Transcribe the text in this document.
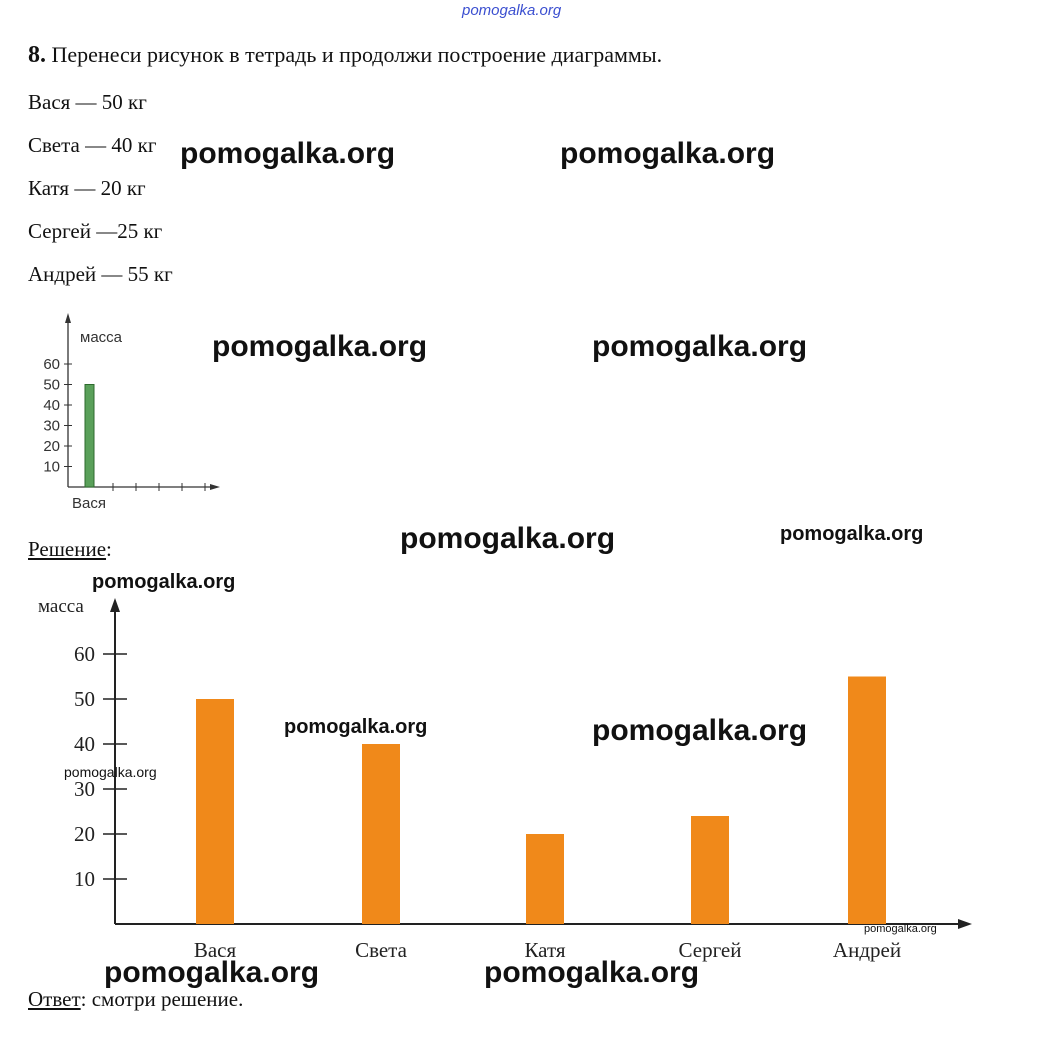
pomogalka.org
8. Перенеси рисунок в тетрадь и продолжи построение диаграммы.
Вася — 50 кг
Света — 40 кг
Катя — 20 кг
Сергей —25 кг
Андрей — 55 кг
масса
10
20
30
40
50
60
Вася
Решение:
масса
10
20
30
40
50
60
Вася	Света	Катя	Сергей	Андрей
Ответ: смотри решение.
pomogalka.org	pomogalka.org
pomogalka.org	pomogalka.org
pomogalka.org	pomogalka.org
pomogalka.org
pomogalka.org	pomogalka.org
pomogalka.org
pomogalka.org
pomogalka.org	pomogalka.org
